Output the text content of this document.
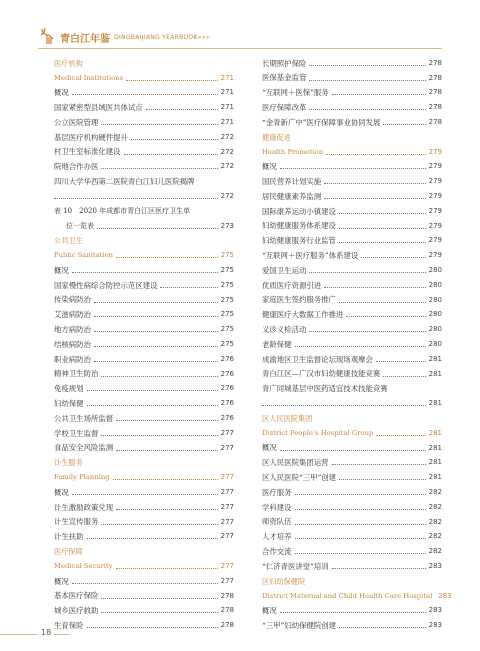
青白江年鉴 QINGBAIJIANG YEARBOOK»»»
医疗机构
Medical Institutions	271
概况	271
国家紧密型县域医共体试点	271
公立医院管理	271
基层医疗机构硬件提升	272
村卫生室标准化建设	272
院地合作办医	272
四川大学华西第二医院青白江妇儿医院揭牌
272
表 10　2020 年成都市青白江区医疗卫生单
位一览表	273
公共卫生
Public Sanitation	275
概况	275
国家慢性病综合防控示范区建设	275
传染病防治	275
艾滋病防治	275
地方病防治	275
结核病防治	275
职业病防治	276
精神卫生防治	276
免疫规划	276
妇幼保健	276
公共卫生场所监督	276
学校卫生监督	277
食品安全风险监测	277
计生服务
Family Planning	277
概况	277
计生激励政策兑现	277
计生宣传服务	277
计生扶助	277
医疗保障
Medical Security	277
概况	277
基本医疗保险	278
城乡医疗救助	278
生育保险	278
长期照护保险	278
医保基金监管	278
“互联网＋医保”服务	278
医疗保障改革	278
“金青新广中”医疗保障事业协同发展	278
健康促进
Health Promotion	279
概况	279
国民营养计划实施	279
居民健康素养监测	279
国际康养运动小镇建设	279
妇幼健康服务体系建设	279
妇幼健康服务行业监管	279
“互联网＋医疗服务”体系建设	279
爱国卫生运动	280
优质医疗资源引进	280
家庭医生签约服务推广	280
健康医疗大数据工作推进	280
义诊义检活动	280
老龄保健	280
成渝地区卫生监督论坛现场观摩会	281
青白江区—广汉市妇幼健康技能竞赛	281
青广同城基层中医药适宜技术技能竞赛
281
区人民医院集团
District People’s Hospital Group	281
概况	281
区人民医院集团运营	281
区人民医院“三甲”创建	281
医疗服务	282
学科建设	282
师资队伍	282
人才培养	282
合作交流	282
“仁济青医讲堂”培训	283
区妇幼保健院
District Maternal and Child Health Care Hospital 283
概况	283
“三甲”妇幼保健院创建	283
18
